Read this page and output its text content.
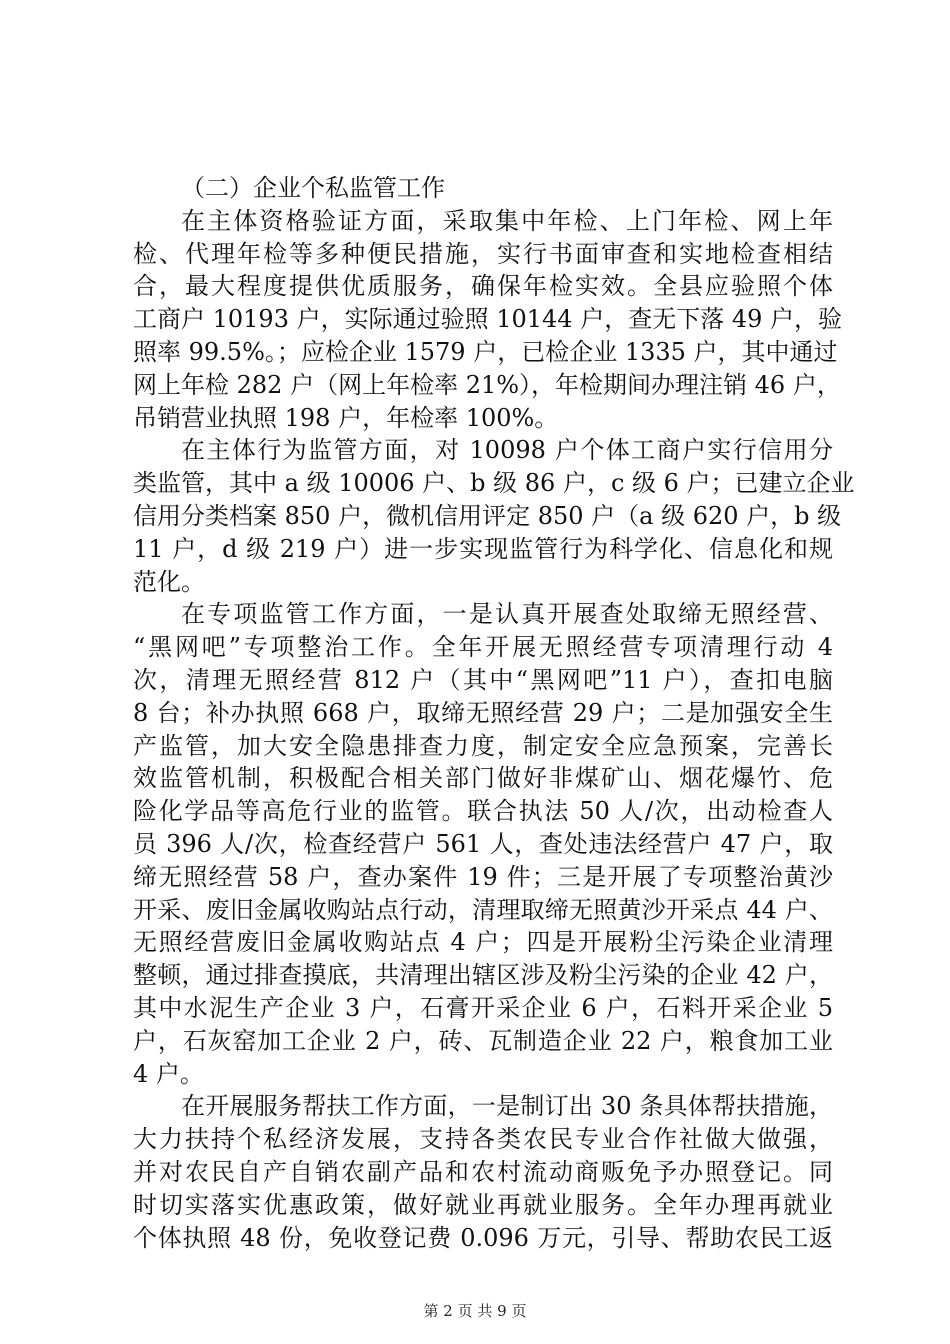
（二）企业个私监管工作
在主体资格验证方面，采取集中年检、上门年检、网上年
检、代理年检等多种便民措施，实行书面审查和实地检查相结
合，最大程度提供优质服务，确保年检实效。全县应验照个体
工商户 10193 户，实际通过验照 10144 户，查无下落 49 户，验
照率 99.5%。；应检企业 1579 户，已检企业 1335 户，其中通过
网上年检 282 户（网上年检率 21%），年检期间办理注销 46 户，
吊销营业执照 198 户，年检率 100%。
在主体行为监管方面，对 10098 户个体工商户实行信用分
类监管，其中 a 级 10006 户、b 级 86 户，c 级 6 户；已建立企业
信用分类档案 850 户，微机信用评定 850 户（a 级 620 户，b 级
11 户，d 级 219 户）进一步实现监管行为科学化、信息化和规
范化。
在专项监管工作方面，一是认真开展查处取缔无照经营、
“黑网吧”专项整治工作。全年开展无照经营专项清理行动 4
次，清理无照经营 812 户（其中“黑网吧”11 户），查扣电脑
8 台；补办执照 668 户，取缔无照经营 29 户；二是加强安全生
产监管，加大安全隐患排查力度，制定安全应急预案，完善长
效监管机制，积极配合相关部门做好非煤矿山、烟花爆竹、危
险化学品等高危行业的监管。联合执法 50 人/次，出动检查人
员 396 人/次，检查经营户 561 人，查处违法经营户 47 户，取
缔无照经营 58 户，查办案件 19 件；三是开展了专项整治黄沙
开采、废旧金属收购站点行动，清理取缔无照黄沙开采点 44 户、
无照经营废旧金属收购站点 4 户；四是开展粉尘污染企业清理
整顿，通过排查摸底，共清理出辖区涉及粉尘污染的企业 42 户，
其中水泥生产企业 3 户，石膏开采企业 6 户，石料开采企业 5
户，石灰窑加工企业 2 户，砖、瓦制造企业 22 户，粮食加工业
4 户。
在开展服务帮扶工作方面，一是制订出 30 条具体帮扶措施，
大力扶持个私经济发展，支持各类农民专业合作社做大做强，
并对农民自产自销农副产品和农村流动商贩免予办照登记。同
时切实落实优惠政策，做好就业再就业服务。全年办理再就业
个体执照 48 份，免收登记费 0.096 万元，引导、帮助农民工返
第 2 页 共 9 页
